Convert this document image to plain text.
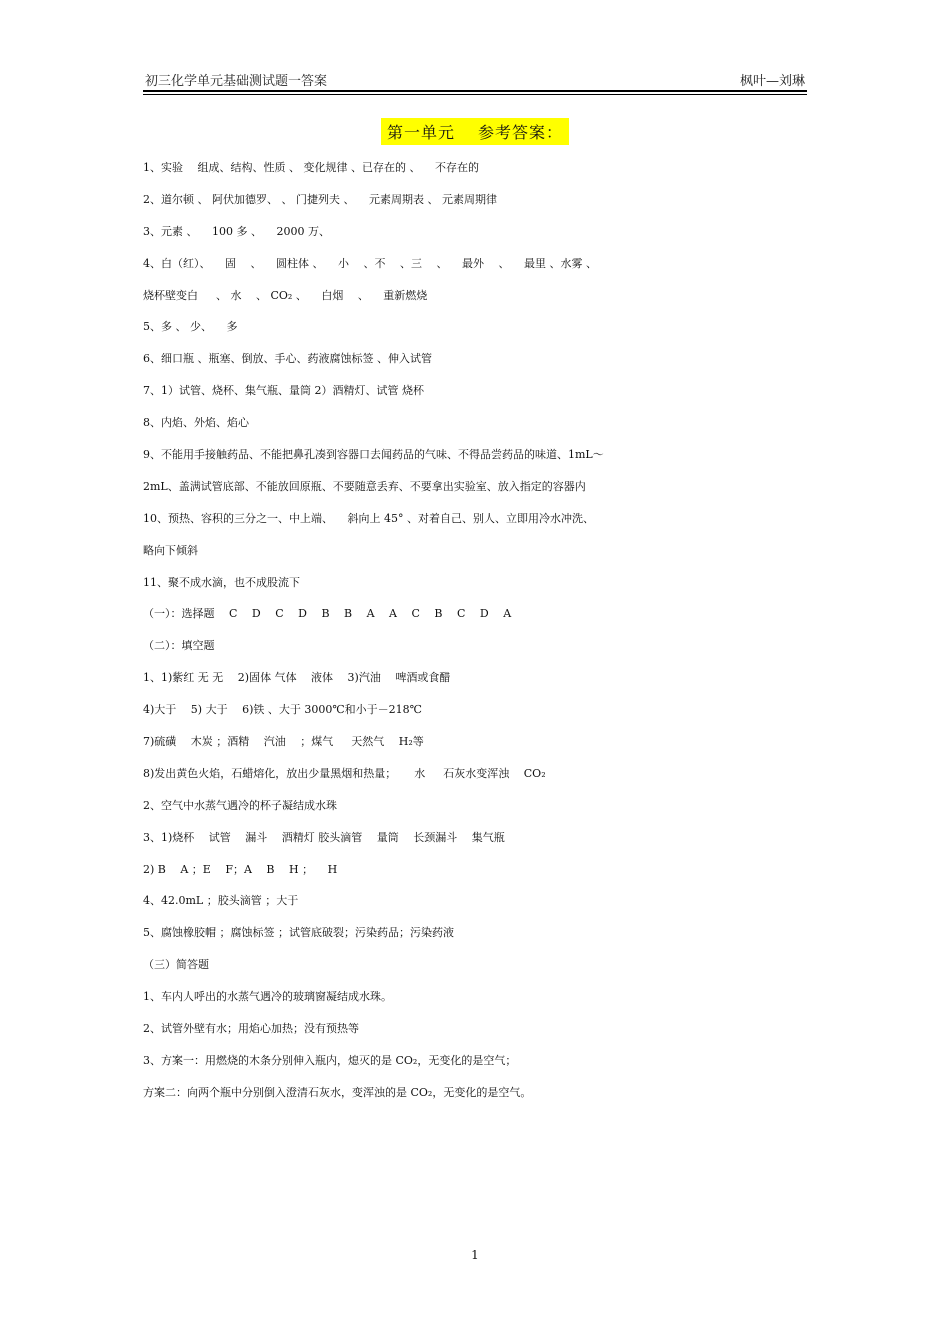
初三化学单元基础测试题一答案	枫叶—刘琳
第一单元　 参考答案：
1、实验 　组成、结构、性质 、 变化规律 、已存在的 、 　不存在的
2、道尔顿 、 阿伏加德罗、 、 门捷列夫 、 　元素周期表 、 元素周期律
3、元素 、 　100 多 、 　2000 万、
4、白（红）、 　固 　、 　圆柱体 、 　小 　、不 　、三 　、 　最外 　、 　最里 、水雾 、
烧杯壁变白 　 、 水 　、 CO₂ 、 　白烟 　、 　重新燃烧
5、多 、 少、 　多
6、细口瓶 、瓶塞、倒放、手心、药液腐蚀标签 、伸入试管
7、1）试管、烧杯、集气瓶、量筒 2）酒精灯、试管 烧杯
8、内焰、外焰、焰心
9、不能用手接触药品、不能把鼻孔凑到容器口去闻药品的气味、不得品尝药品的味道、1mL～
2mL、盖满试管底部、不能放回原瓶、不要随意丢弃、不要拿出实验室、放入指定的容器内
10、预热、容积的三分之一、中上端、 　斜向上 45° 、对着自己、别人、立即用冷水冲洗、
略向下倾斜
11、聚不成水滴，也不成股流下
（一）：选择题 　C 　D 　C 　D 　B 　B 　A 　A 　C 　B 　C 　D 　A
（二）：填空题
1、1)紫红 无 无 　2)固体 气体 　液体 　3)汽油 　啤酒或食醋
4)大于 　5) 大于 　6)铁 、大于 3000℃和小于－218℃
7)硫磺 　木炭 ；酒精 　汽油 　；煤气 　 天然气 　H₂等
8)发出黄色火焰，石蜡熔化，放出少量黑烟和热量； 　 水 　 石灰水变浑浊 　CO₂
2、空气中水蒸气遇冷的杯子凝结成水珠
3、1)烧杯 　试管 　漏斗 　酒精灯 胶头滴管 　量筒 　长颈漏斗 　集气瓶
2) B 　A ；E 　F；A 　B 　H ； 　H
4、42.0mL ；胶头滴管 ；大于
5、腐蚀橡胶帽 ；腐蚀标签 ；试管底破裂；污染药品；污染药液
（三）简答题
1、车内人呼出的水蒸气遇冷的玻璃窗凝结成水珠。
2、试管外壁有水；用焰心加热；没有预热等
3、方案一：用燃烧的木条分别伸入瓶内，熄灭的是 CO₂，无变化的是空气；
方案二：向两个瓶中分别倒入澄清石灰水，变浑浊的是 CO₂，无变化的是空气。
1
